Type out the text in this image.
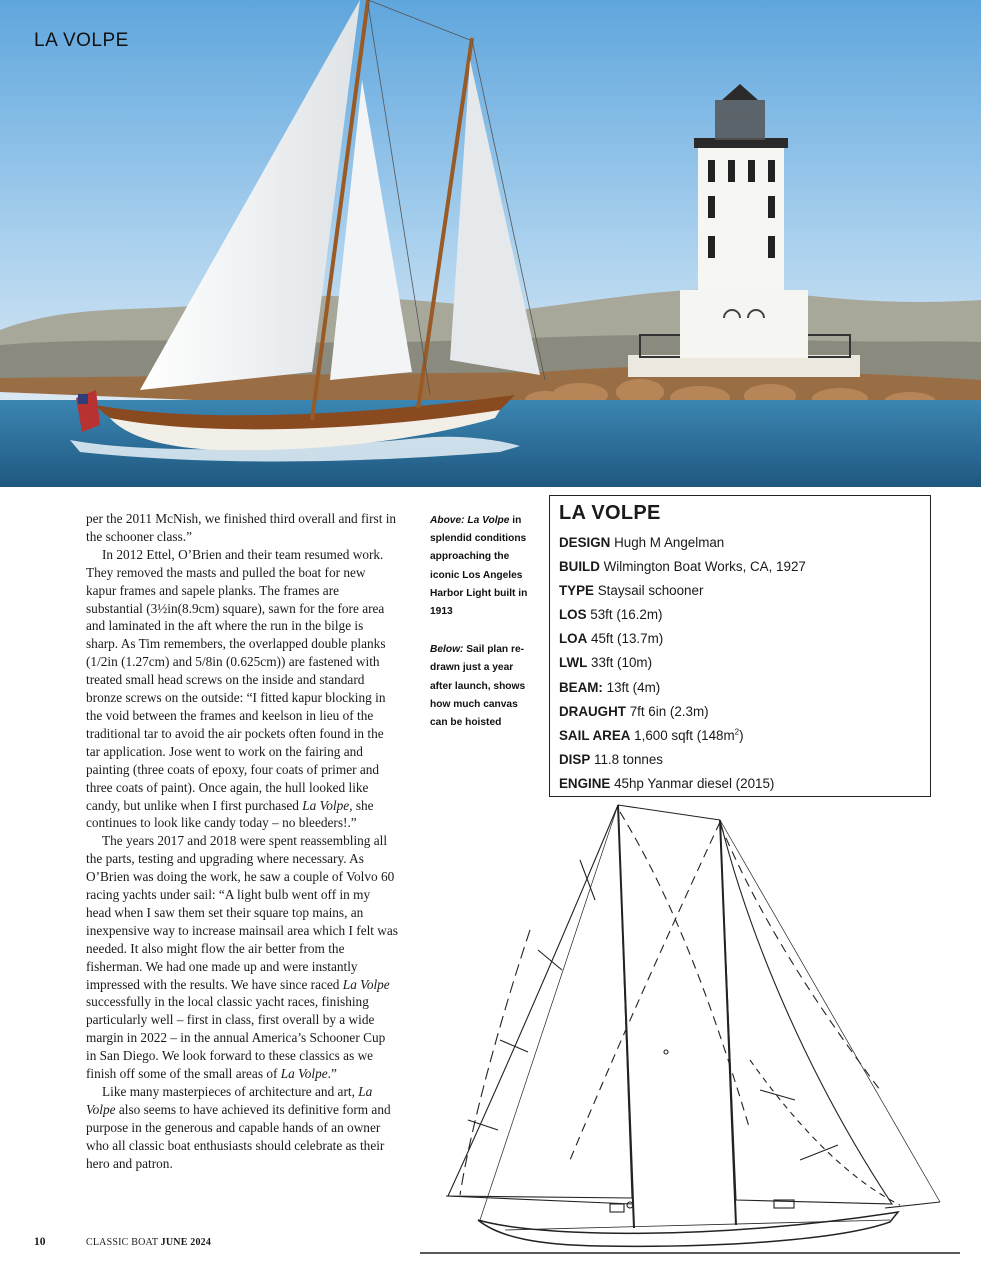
LA VOLPE

per the 2011 McNish, we finished third overall and first in the schooner class.”

In 2012 Ettel, O’Brien and their team resumed work. They removed the masts and pulled the boat for new kapur frames and sapele planks. The frames are substantial (3½in(8.9cm) square), sawn for the fore area and laminated in the aft where the run in the bilge is sharp. As Tim remembers, the overlapped double planks (1/2in (1.27cm) and 5/8in (0.625cm)) are fastened with treated small head screws on the inside and standard bronze screws on the outside: “I fitted kapur blocking in the void between the frames and keelson in lieu of the traditional tar to avoid the air pockets often found in the tar application. Jose went to work on the fairing and painting (three coats of epoxy, four coats of primer and three coats of paint). Once again, the hull looked like candy, but unlike when I first purchased La Volpe, she continues to look like candy today – no bleeders!.”

The years 2017 and 2018 were spent reassembling all the parts, testing and upgrading where necessary. As O’Brien was doing the work, he saw a couple of Volvo 60 racing yachts under sail: “A light bulb went off in my head when I saw them set their square top mains, an inexpensive way to increase mainsail area which I felt was needed. It also might flow the air better from the fisherman. We had one made up and were instantly impressed with the results. We have since raced La Volpe successfully in the local classic yacht races, finishing particularly well – first in class, first overall by a wide margin in 2022 – in the annual America’s Schooner Cup in San Diego. We look forward to these classics as we finish off some of the small areas of La Volpe.”

Like many masterpieces of architecture and art, La Volpe also seems to have achieved its definitive form and purpose in the generous and capable hands of an owner who all classic boat enthusiasts should celebrate as their hero and patron.

Above: La Volpe in splendid conditions approaching the iconic Los Angeles Harbor Light built in 1913
Below: Sail plan re-drawn just a year after launch, shows how much canvas can be hoisted
LA VOLPE
DESIGN Hugh M Angelman
BUILD Wilmington Boat Works, CA, 1927
TYPE Staysail schooner
LOS 53ft (16.2m)
LOA 45ft (13.7m)
LWL 33ft (10m)
BEAM: 13ft (4m)
DRAUGHT 7ft 6in (2.3m)
SAIL AREA 1,600 sqft $(148m^2)$
DISP 11.8 tonnes
ENGINE 45hp Yanmar diesel (2015)
10	CLASSIC BOAT JUNE 2024
